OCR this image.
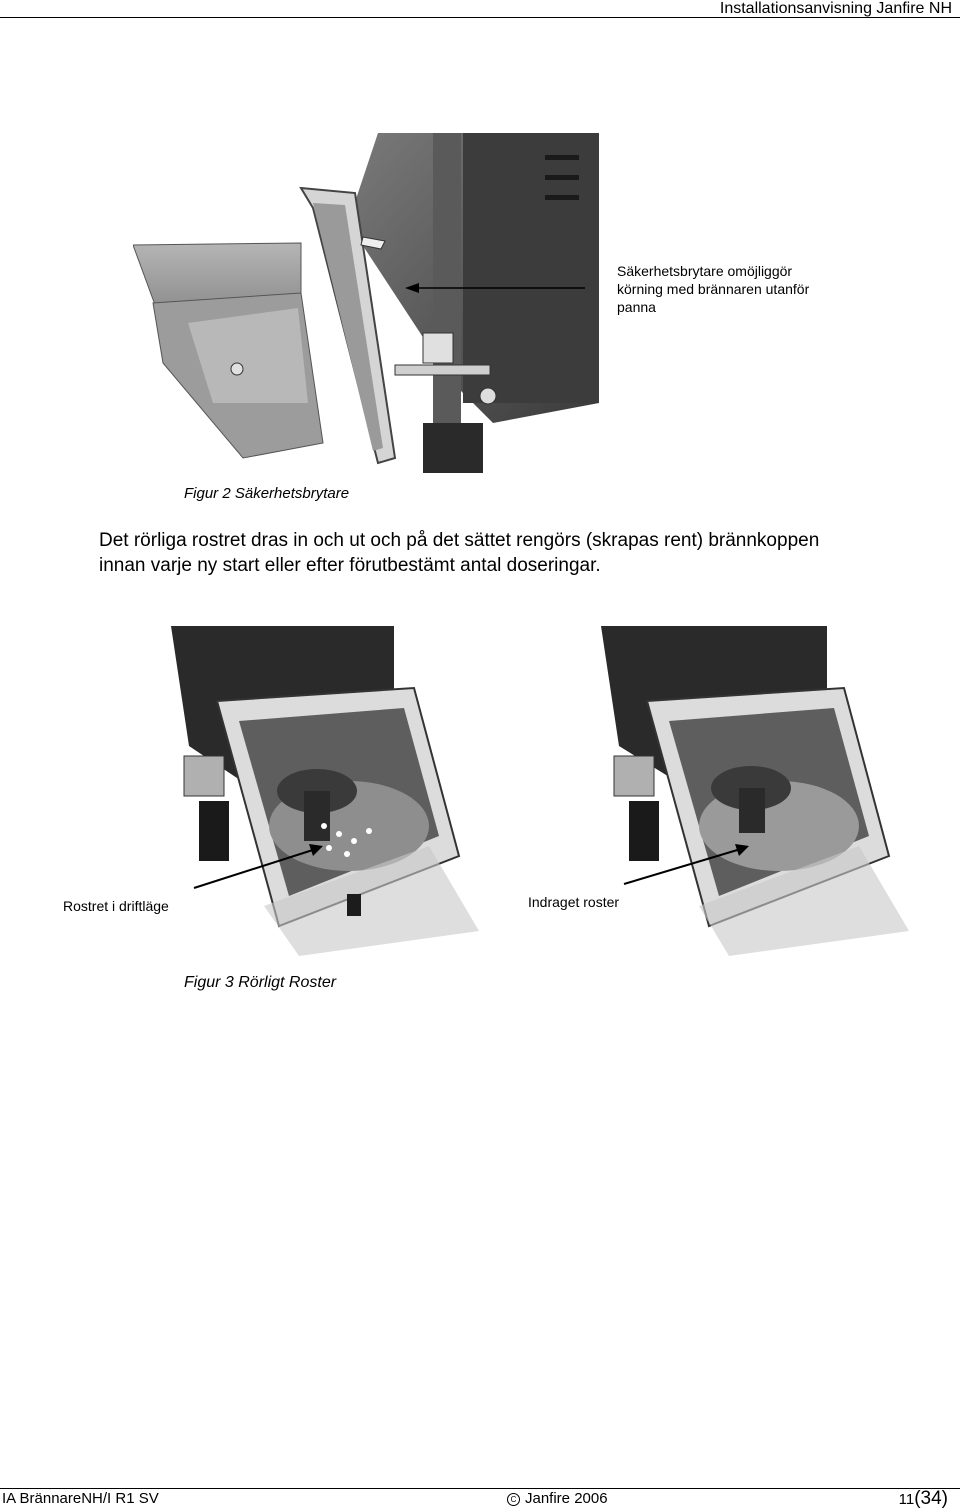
Installationsanvisning Janfire NH
Säkerhetsbrytare omöjliggör
körning med brännaren utanför
panna
Figur 2 Säkerhetsbrytare
Det rörliga rostret dras in och ut och på det sättet rengörs (skrapas rent) brännkoppen
innan varje ny start eller efter förutbestämt antal doseringar.
Rostret i driftläge	Indraget roster
Figur 3 Rörligt Roster
IA BrännareNH/I R1 SV	C Janfire 2006	11(34)
